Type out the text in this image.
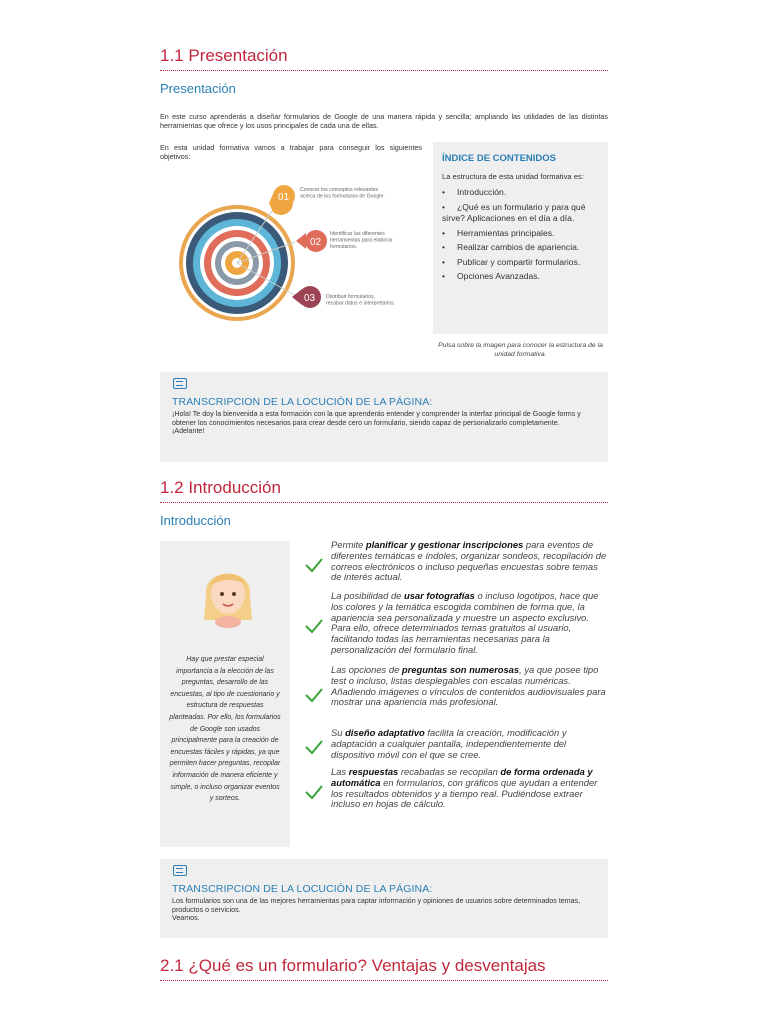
1.1 Presentación
Presentación
En este curso aprenderás a diseñar formularios de Google de una manera rápida y sencilla; ampliando las utilidades de las distintas herramientas que ofrece y los usos principales de cada una de ellas.
En esta unidad formativa vamos a trabajar para conseguir los siguientes objetivos:
01
Conocer los conceptos relevantes acerca de los formularios de Google.
02
Identificar las diferentes herramientas para elaborar formularios.
03 Distribuir formularios, recabar datos e interpretarlos.
ÍNDICE DE CONTENIDOS
La estructura de esta unidad formativa es:
• Introducción.
• ¿Qué es un formulario y para qué sirve? Aplicaciones en el día a día.
• Herramientas principales.
• Realizar cambios de apariencia.
• Publicar y compartir formularios.
• Opciones Avanzadas.
Pulsa sobre la imagen para conocer la estructura de la unidad formativa.
TRANSCRIPCION DE LA LOCUCIÓN DE LA PÁGINA:
¡Hola! Te doy la bienvenida a esta formación con la que aprenderás entender y comprender la interfaz principal de Google forms y obtener los conocimientos necesarios para crear desde cero un formulario, siendo capaz de personalizarlo completamente.
¡Adelante!
1.2 Introducción
Introducción
Hay que prestar especial importancia a la elección de las preguntas, desarrollo de las encuestas, al tipo de cuestionario y estructura de respuestas planteadas. Por ello, los formularios de Google son usados principalmente para la creación de encuestas fáciles y rápidas, ya que permiten hacer preguntas, recopilar información de manera eficiente y simple, o incluso organizar eventos y sorteos.
Permite planificar y gestionar inscripciones para eventos de diferentes temáticas e índoles, organizar sondeos, recopilación de correos electrónicos o incluso pequeñas encuestas sobre temas de interés actual.
La posibilidad de usar fotografías o incluso logotipos, hace que los colores y la temática escogida combinen de forma que, la apariencia sea personalizada y muestre un aspecto exclusivo. Para ello, ofrece determinados temas gratuitos al usuario, facilitando todas las herramientas necesarias para la personalización del formulario final.
Las opciones de preguntas son numerosas, ya que posee tipo test o incluso, listas desplegables con escalas numéricas. Añadiendo imágenes o vínculos de contenidos audiovisuales para mostrar una apariencia más profesional.
Su diseño adaptativo facilita la creación, modificación y adaptación a cualquier pantalla, independientemente del dispositivo móvil con el que se cree.
Las respuestas recabadas se recopilan de forma ordenada y automática en formularios, con gráficos que ayudan a entender los resultados obtenidos y a tiempo real. Pudiéndose extraer incluso en hojas de cálculo.
TRANSCRIPCION DE LA LOCUCIÓN DE LA PÁGINA:
Los formularios son una de las mejores herramientas para captar información y opiniones de usuarios sobre determinados temas, productos o servicios.
Veamos.
2.1 ¿Qué es un formulario? Ventajas y desventajas
